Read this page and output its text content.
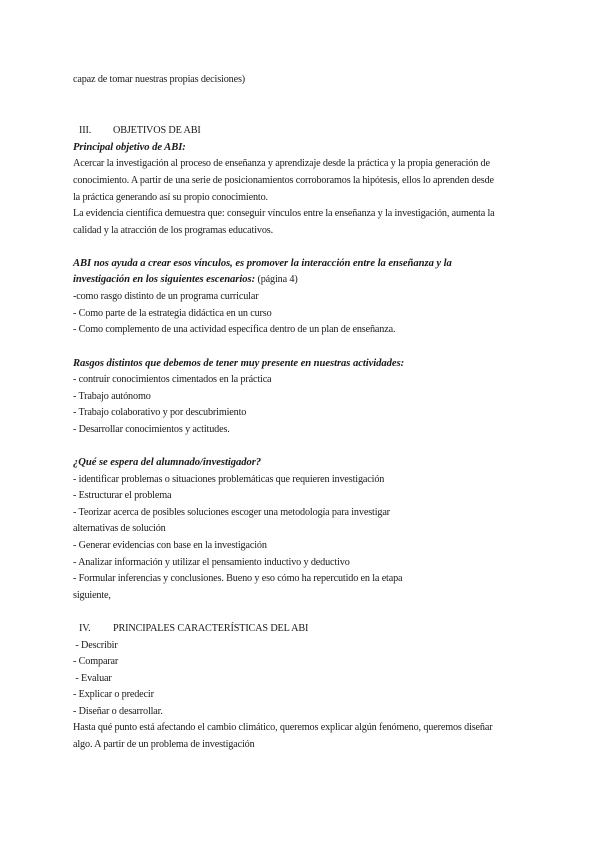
capaz de tomar nuestras propias decisiones)
III. OBJETIVOS DE ABI
Principal objetivo de ABI:
Acercar la investigación al proceso de enseñanza y aprendizaje desde la práctica y la propia generación de
conocimiento. A partir de una serie de posicionamientos corroboramos la hipótesis, ellos lo aprenden desde
la práctica generando así su propio conocimiento.
La evidencia científica demuestra que: conseguir vínculos entre la enseñanza y la investigación, aumenta la
calidad y la atracción de los programas educativos.
ABI nos ayuda a crear esos vínculos, es promover la interacción entre la enseñanza y la
investigación en los siguientes escenarios: (página 4)
-como rasgo distinto de un programa curricular
- Como parte de la estrategia didáctica en un curso
- Como complemento de una actividad específica dentro de un plan de enseñanza.
Rasgos distintos que debemos de tener muy presente en nuestras actividades:
- contruir conocimientos cimentados en la práctica
- Trabajo autónomo
- Trabajo colaborativo y por descubrimiento
- Desarrollar conocimientos y actitudes.
¿Qué se espera del alumnado/investigador?
- identificar problemas o situaciones problemáticas que requieren investigación
- Estructurar el problema
- Teorizar acerca de posibles soluciones escoger una metodología para investigar
alternativas de solución
- Generar evidencias con base en la investigación
- Analizar información y utilizar el pensamiento inductivo y deductivo
- Formular inferencias y conclusiones. Bueno y eso cómo ha repercutido en la etapa
siguiente,
IV. PRINCIPALES CARACTERÍSTICAS DEL ABI
- Describir
- Comparar
- Evaluar
- Explicar o predecir
- Diseñar o desarrollar.
Hasta qué punto está afectando el cambio climático, queremos explicar algún fenómeno, queremos diseñar
algo. A partir de un problema de investigación
